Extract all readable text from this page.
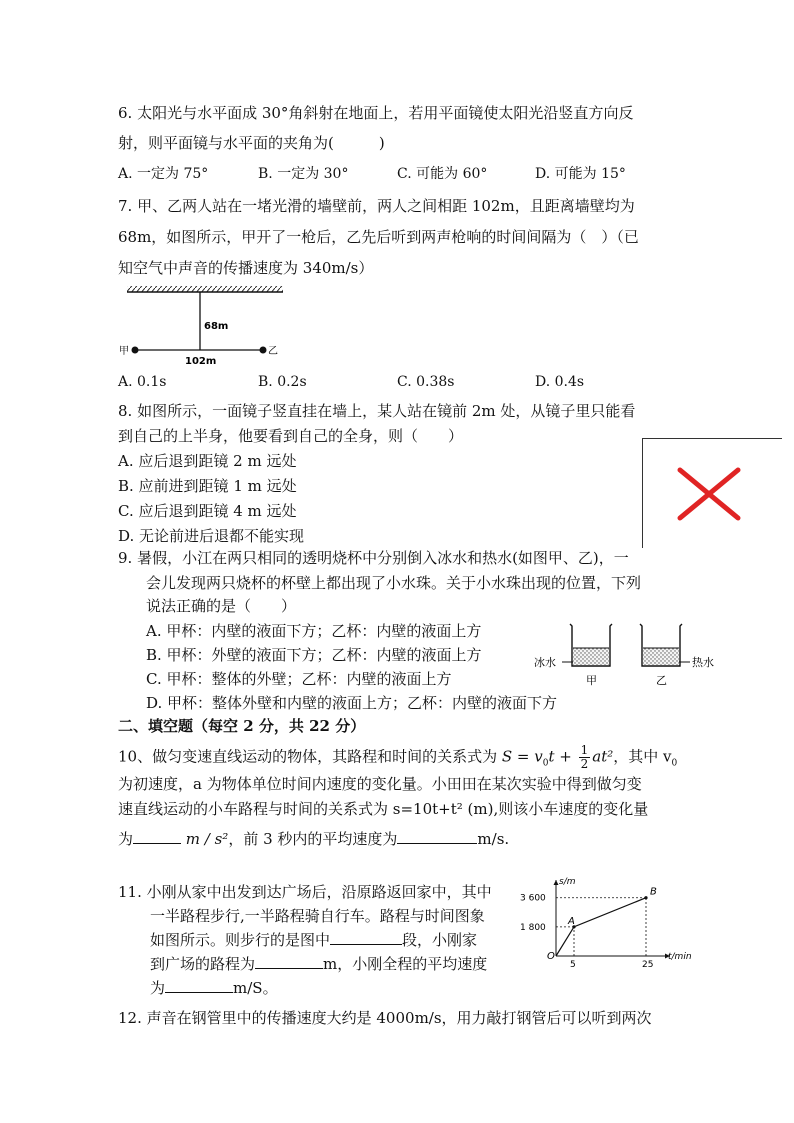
6. 太阳光与水平面成 30°角斜射在地面上，若用平面镜使太阳光沿竖直方向反
射，则平面镜与水平面的夹角为(　　　)
A. 一定为 75°	B. 一定为 30°	C. 可能为 60°	D. 可能为 15°
7. 甲、乙两人站在一堵光滑的墙壁前，两人之间相距 102m，且距离墙壁均为
68m，如图所示，甲开了一枪后，乙先后听到两声枪响的时间间隔为（　）（已
知空气中声音的传播速度为 340m/s）
68m
102m
甲	乙
A. 0.1s	B. 0.2s	C. 0.38s	D. 0.4s
8. 如图所示，一面镜子竖直挂在墙上，某人站在镜前 2m 处，从镜子里只能看
到自己的上半身，他要看到自己的全身，则（　　）
A. 应后退到距镜 2 m 远处
B. 应前进到距镜 1 m 远处
C. 应后退到距镜 4 m 远处
D. 无论前进后退都不能实现
9. 暑假，小江在两只相同的透明烧杯中分别倒入冰水和热水(如图甲、乙)，一
会儿发现两只烧杯的杯壁上都出现了小水珠。关于小水珠出现的位置，下列
说法正确的是（　　）
A. 甲杯：内壁的液面下方；乙杯：内壁的液面上方
B. 甲杯：外壁的液面下方；乙杯：内壁的液面上方
C. 甲杯：整体的外壁；乙杯：内壁的液面上方
D. 甲杯：整体外壁和内壁的液面上方；乙杯：内壁的液面下方
冰水
甲
热水
乙
二、填空题（每空 2 分，共 22 分）
10、做匀变速直线运动的物体，其路程和时间的关系式为 $S = v_0t + \frac{1}{2} at^2$，其中 $v_0$
为初速度，a 为物体单位时间内速度的变化量。小田田在某次实验中得到做匀变
速直线运动的小车路程与时间的关系式为 s=10t+t² (m),则该小车速度的变化量
为	m / s²，前 3 秒内的平均速度为	m/s.
11. 小刚从家中出发到达广场后，沿原路返回家中，其中
一半路程步行,一半路程骑自行车。路程与时间图象
如图所示。则步行的是图中	段，小刚家
到广场的路程为	m，小刚全程的平均速度
为	m/S。
t/min
s/m
O
5	25
1 800
3 600
A
B
12. 声音在钢管里中的传播速度大约是 4000m/s，用力敲打钢管后可以听到两次
